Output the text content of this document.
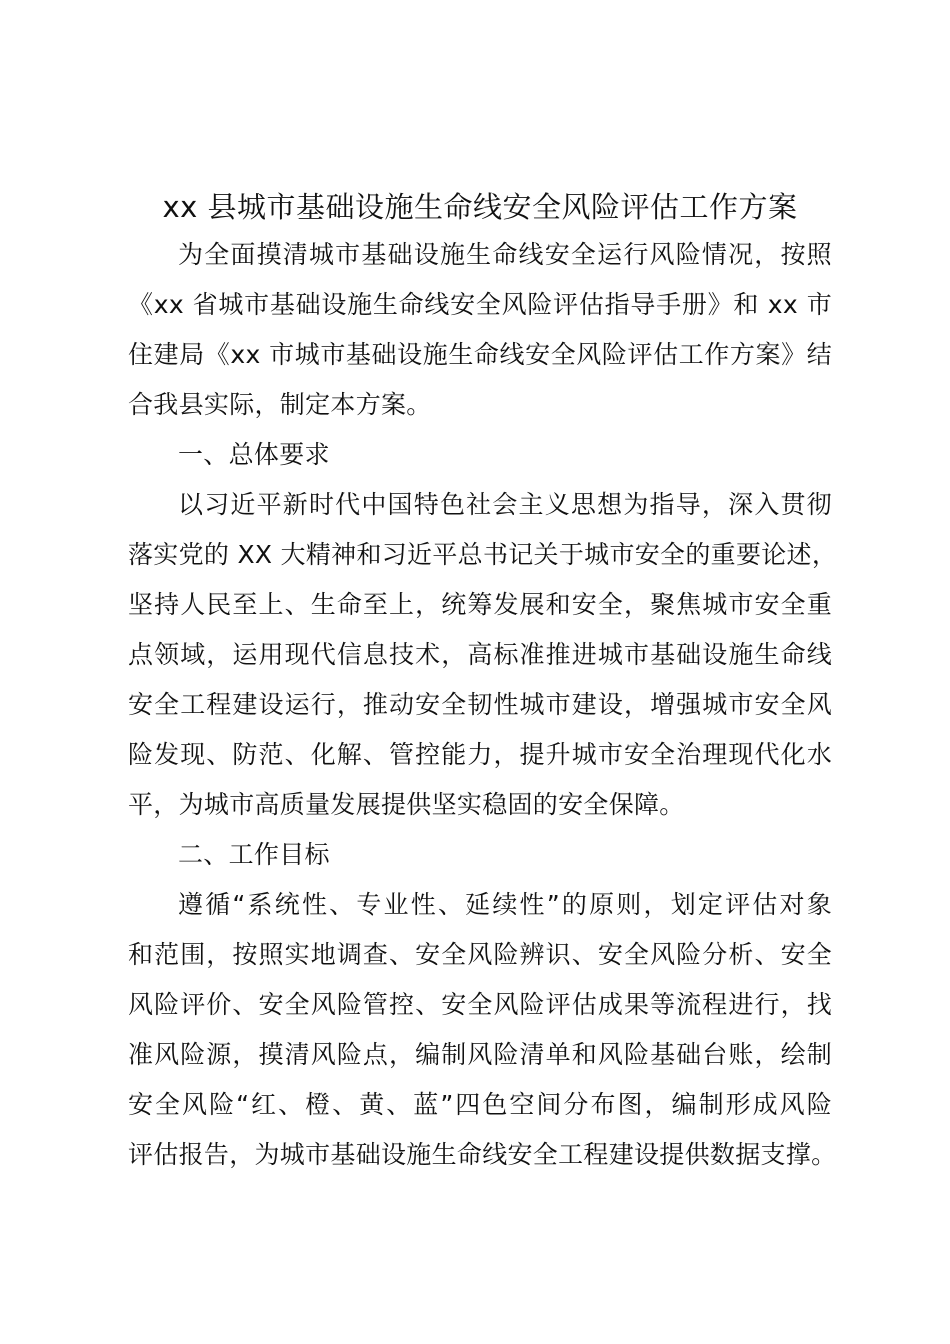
xx 县城市基础设施生命线安全风险评估工作方案
为全面摸清城市基础设施生命线安全运行风险情况，按照
《xx 省城市基础设施生命线安全风险评估指导手册》和 xx 市
住建局《xx 市城市基础设施生命线安全风险评估工作方案》结
合我县实际，制定本方案。
一、总体要求
以习近平新时代中国特色社会主义思想为指导，深入贯彻
落实党的 XX 大精神和习近平总书记关于城市安全的重要论述，
坚持人民至上、生命至上，统筹发展和安全，聚焦城市安全重
点领域，运用现代信息技术，高标准推进城市基础设施生命线
安全工程建设运行，推动安全韧性城市建设，增强城市安全风
险发现、防范、化解、管控能力，提升城市安全治理现代化水
平，为城市高质量发展提供坚实稳固的安全保障。
二、工作目标
遵循“系统性、专业性、延续性”的原则，划定评估对象
和范围，按照实地调查、安全风险辨识、安全风险分析、安全
风险评价、安全风险管控、安全风险评估成果等流程进行，找
准风险源，摸清风险点，编制风险清单和风险基础台账，绘制
安全风险“红、橙、黄、蓝”四色空间分布图，编制形成风险
评估报告，为城市基础设施生命线安全工程建设提供数据支撑。
